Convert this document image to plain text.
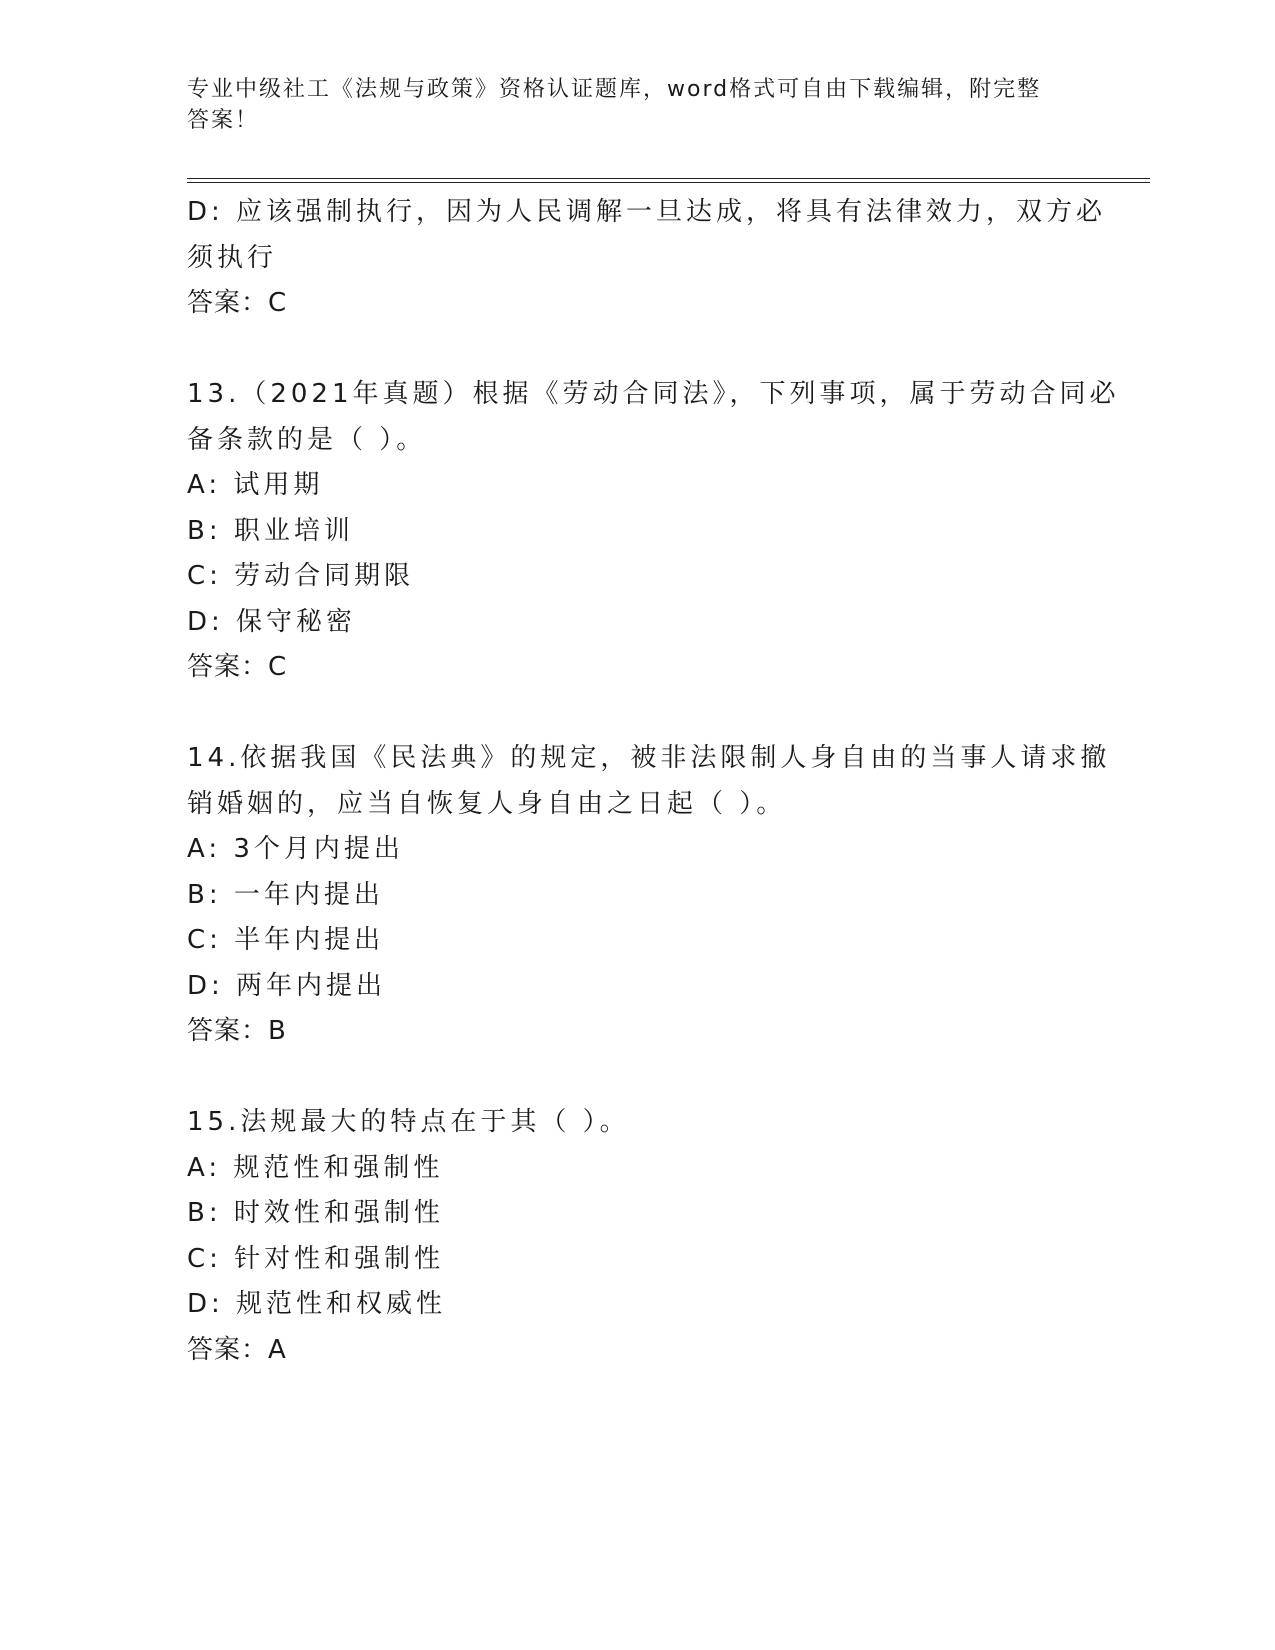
专业中级社工《法规与政策》资格认证题库，word格式可自由下载编辑，附完整
答案！
D: 应该强制执行，因为人民调解一旦达成，将具有法律效力，双方必
须执行
答案：C
13.（2021年真题）根据《劳动合同法》，下列事项，属于劳动合同必
备条款的是（ ）。
A: 试用期
B: 职业培训
C: 劳动合同期限
D: 保守秘密
答案：C
14.依据我国《民法典》的规定，被非法限制人身自由的当事人请求撤
销婚姻的，应当自恢复人身自由之日起（ ）。
A: 3个月内提出
B: 一年内提出
C: 半年内提出
D: 两年内提出
答案：B
15.法规最大的特点在于其（ ）。
A: 规范性和强制性
B: 时效性和强制性
C: 针对性和强制性
D: 规范性和权威性
答案：A
